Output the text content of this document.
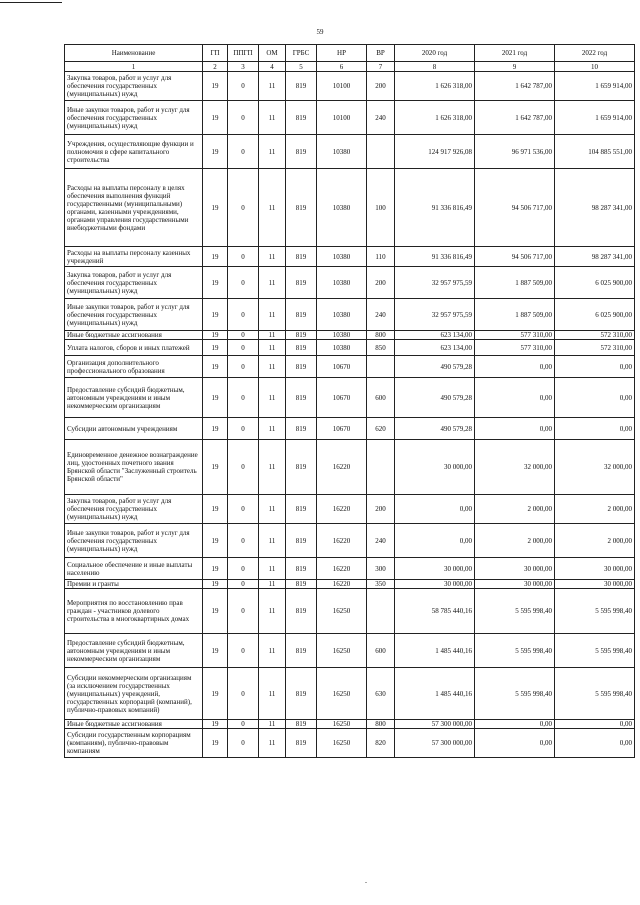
59
Наименование	ГП	ППГП	ОМ	ГРБС	НР	ВР	2020 год	2021 год	2022 год
1	2	3	4	5	6	7	8	9	10
Закупка товаров, работ и услуг для обеспечения государственных (муниципальных) нужд	19	0	11	819	10100	200	1 626 318,00	1 642 787,00	1 659 914,00
Иные закупки товаров, работ и услуг для обеспечения государственных (муниципальных) нужд	19	0	11	819	10100	240	1 626 318,00	1 642 787,00	1 659 914,00
Учреждения, осуществляющие функции и полномочия в сфере капитального строительства	19	0	11	819	10380		124 917 926,08	96 971 536,00	104 885 551,00
Расходы на выплаты персоналу в целях обеспечения выполнения функций государственными (муниципальными) органами, казенными учреждениями, органами управления государственными внебюджетными фондами	19	0	11	819	10380	100	91 336 816,49	94 506 717,00	98 287 341,00
Расходы на выплаты персоналу казенных учреждений	19	0	11	819	10380	110	91 336 816,49	94 506 717,00	98 287 341,00
Закупка товаров, работ и услуг для обеспечения государственных (муниципальных) нужд	19	0	11	819	10380	200	32 957 975,59	1 887 509,00	6 025 900,00
Иные закупки товаров, работ и услуг для обеспечения государственных (муниципальных) нужд	19	0	11	819	10380	240	32 957 975,59	1 887 509,00	6 025 900,00
Иные бюджетные ассигнования	19	0	11	819	10380	800	623 134,00	577 310,00	572 310,00
Уплата налогов, сборов и иных платежей	19	0	11	819	10380	850	623 134,00	577 310,00	572 310,00
Организация дополнительного профессионального образования	19	0	11	819	10670		490 579,28	0,00	0,00
Предоставление субсидий бюджетным, автономным учреждениям и иным некоммерческим организациям	19	0	11	819	10670	600	490 579,28	0,00	0,00
Субсидии автономным учреждениям	19	0	11	819	10670	620	490 579,28	0,00	0,00
Единовременное денежное вознаграждение лиц, удостоенных почетного звания Брянской области "Заслуженный строитель Брянской области"	19	0	11	819	16220		30 000,00	32 000,00	32 000,00
Закупка товаров, работ и услуг для обеспечения государственных (муниципальных) нужд	19	0	11	819	16220	200	0,00	2 000,00	2 000,00
Иные закупки товаров, работ и услуг для обеспечения государственных (муниципальных) нужд	19	0	11	819	16220	240	0,00	2 000,00	2 000,00
Социальное обеспечение и иные выплаты населению	19	0	11	819	16220	300	30 000,00	30 000,00	30 000,00
Премии и гранты	19	0	11	819	16220	350	30 000,00	30 000,00	30 000,00
Мероприятия по восстановлению прав граждан - участников долевого строительства в многоквартирных домах	19	0	11	819	16250		58 785 440,16	5 595 998,40	5 595 998,40
Предоставление субсидий бюджетным, автономным учреждениям и иным некоммерческим организациям	19	0	11	819	16250	600	1 485 440,16	5 595 998,40	5 595 998,40
Субсидии некоммерческим организациям (за исключением государственных (муниципальных) учреждений, государственных корпораций (компаний), публично-правовых компаний)	19	0	11	819	16250	630	1 485 440,16	5 595 998,40	5 595 998,40
Иные бюджетные ассигнования	19	0	11	819	16250	800	57 300 000,00	0,00	0,00
Субсидии государственным корпорациям (компаниям), публично-правовым компаниям	19	0	11	819	16250	820	57 300 000,00	0,00	0,00
.
